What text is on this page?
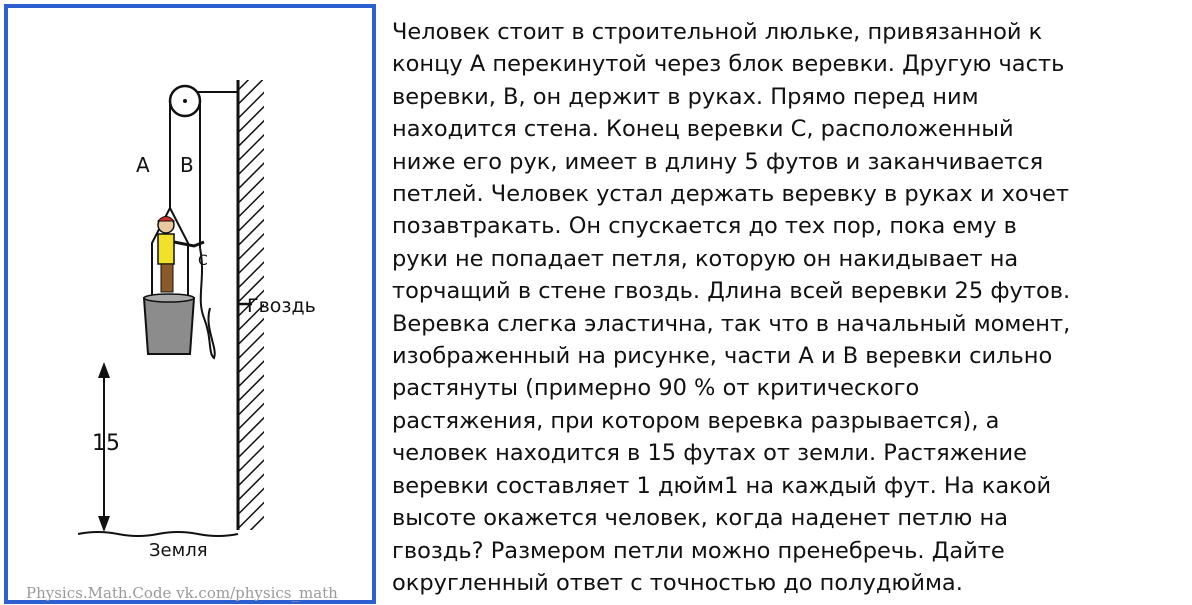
A B
C
Гвоздь
15
Земля
Physics.Math.Code vk.com/physics_math

Человек стоит в строительной люльке, привязанной к
концу A перекинутой через блок веревки. Другую часть
веревки, B, он держит в руках. Прямо перед ним
находится стена. Конец веревки C, расположенный
ниже его рук, имеет в длину 5 футов и заканчивается
петлей. Человек устал держать веревку в руках и хочет
позавтракать. Он спускается до тех пор, пока ему в
руки не попадает петля, которую он накидывает на
торчащий в стене гвоздь. Длина всей веревки 25 футов.
Веревка слегка эластична, так что в начальный момент,
изображенный на рисунке, части A и B веревки сильно
растянуты (примерно 90 % от критического
растяжения, при котором веревка разрывается), а
человек находится в 15 футах от земли. Растяжение
веревки составляет 1 дюйм1 на каждый фут. На какой
высоте окажется человек, когда наденет петлю на
гвоздь? Размером петли можно пренебречь. Дайте
округленный ответ с точностью до полудюйма.
